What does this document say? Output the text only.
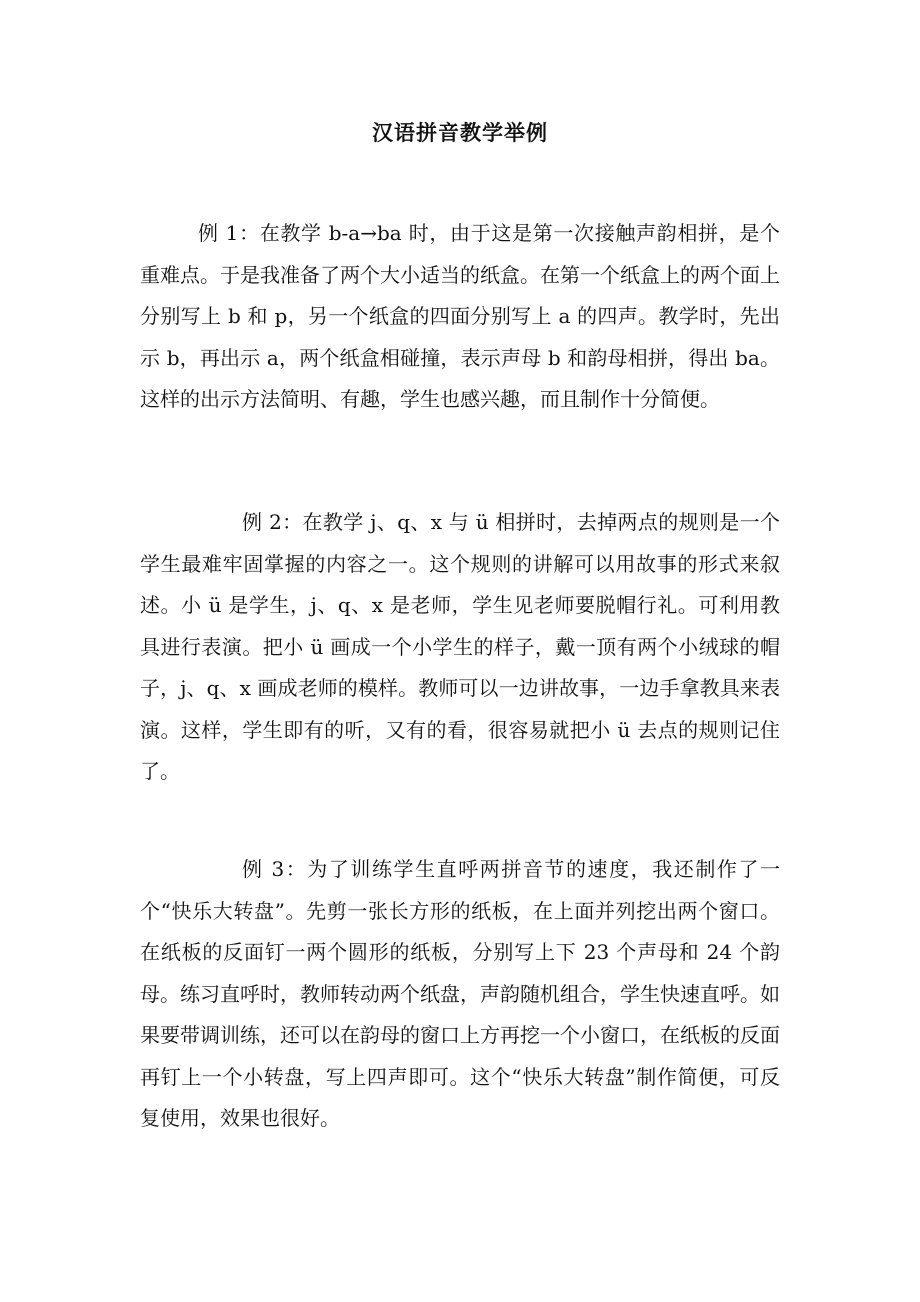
汉语拼音教学举例

例 1：在教学 b-a→ba 时，由于这是第一次接触声韵相拼，是个重难点。于是我准备了两个大小适当的纸盒。在第一个纸盒上的两个面上分别写上 b 和 p，另一个纸盒的四面分别写上 a 的四声。教学时，先出示 b，再出示 a，两个纸盒相碰撞，表示声母 b 和韵母相拼，得出 ba。这样的出示方法简明、有趣，学生也感兴趣，而且制作十分简便。

例 2：在教学 j、q、x 与 ü 相拼时，去掉两点的规则是一个学生最难牢固掌握的内容之一。这个规则的讲解可以用故事的形式来叙述。小 ü 是学生，j、q、x 是老师，学生见老师要脱帽行礼。可利用教具进行表演。把小 ü 画成一个小学生的样子，戴一顶有两个小绒球的帽子，j、q、x 画成老师的模样。教师可以一边讲故事，一边手拿教具来表演。这样，学生即有的听，又有的看，很容易就把小 ü 去点的规则记住了。

例 3：为了训练学生直呼两拼音节的速度，我还制作了一个“快乐大转盘”。先剪一张长方形的纸板，在上面并列挖出两个窗口。在纸板的反面钉一两个圆形的纸板，分别写上下 23 个声母和 24 个韵母。练习直呼时，教师转动两个纸盘，声韵随机组合，学生快速直呼。如果要带调训练，还可以在韵母的窗口上方再挖一个小窗口，在纸板的反面再钉上一个小转盘，写上四声即可。这个“快乐大转盘”制作简便，可反复使用，效果也很好。
